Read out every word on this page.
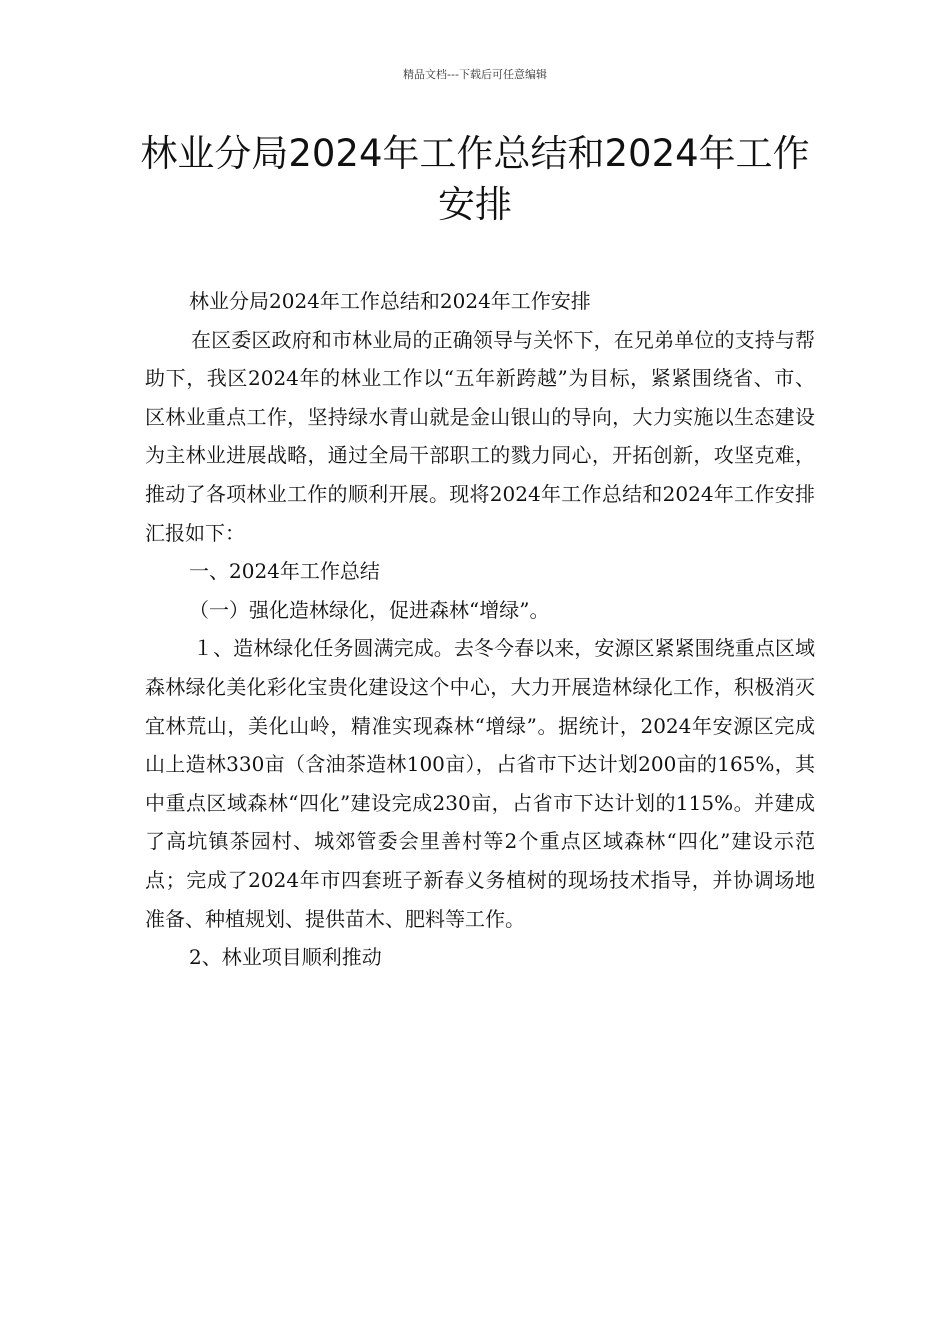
精品文档---下载后可任意编辑
林业分局2024年工作总结和2024年工作安排

林业分局2024年工作总结和2024年工作安排

在区委区政府和市林业局的正确领导与关怀下，在兄弟单位的支持与帮助下，我区2024年的林业工作以“五年新跨越”为目标，紧紧围绕省、市、区林业重点工作，坚持绿水青山就是金山银山的导向，大力实施以生态建设为主林业进展战略，通过全局干部职工的戮力同心，开拓创新，攻坚克难，推动了各项林业工作的顺利开展。现将2024年工作总结和2024年工作安排汇报如下：

一、2024年工作总结

（一）强化造林绿化，促进森林“增绿”。

１、造林绿化任务圆满完成。去冬今春以来，安源区紧紧围绕重点区域森林绿化美化彩化宝贵化建设这个中心，大力开展造林绿化工作，积极消灭宜林荒山，美化山岭，精准实现森林“增绿”。据统计，2024年安源区完成山上造林330亩（含油茶造林100亩），占省市下达计划200亩的165%，其中重点区域森林“四化”建设完成230亩，占省市下达计划的115%。并建成了高坑镇茶园村、城郊管委会里善村等2个重点区域森林“四化”建设示范点；完成了2024年市四套班子新春义务植树的现场技术指导，并协调场地准备、种植规划、提供苗木、肥料等工作。

2、林业项目顺利推动
